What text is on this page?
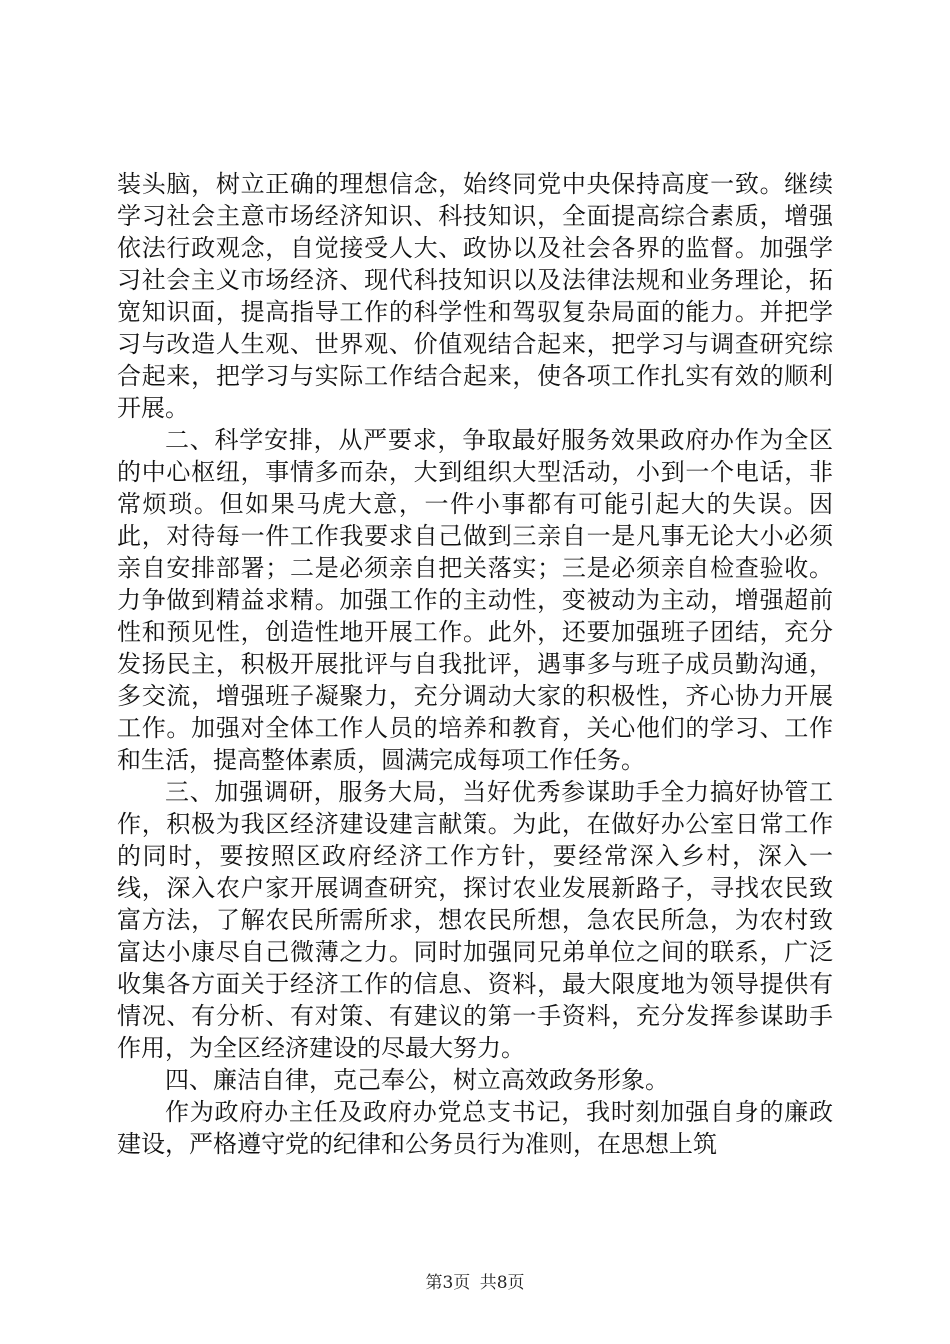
装头脑，树立正确的理想信念，始终同党中央保持高度一致。继续学习社会主意市场经济知识、科技知识，全面提高综合素质，增强依法行政观念，自觉接受人大、政协以及社会各界的监督。加强学习社会主义市场经济、现代科技知识以及法律法规和业务理论，拓宽知识面，提高指导工作的科学性和驾驭复杂局面的能力。并把学习与改造人生观、世界观、价值观结合起来，把学习与调查研究综合起来，把学习与实际工作结合起来，使各项工作扎实有效的顺利开展。

二、科学安排，从严要求，争取最好服务效果政府办作为全区的中心枢纽，事情多而杂，大到组织大型活动，小到一个电话，非常烦琐。但如果马虎大意，一件小事都有可能引起大的失误。因此，对待每一件工作我要求自己做到三亲自一是凡事无论大小必须亲自安排部署；二是必须亲自把关落实；三是必须亲自检查验收。力争做到精益求精。加强工作的主动性，变被动为主动，增强超前性和预见性，创造性地开展工作。此外，还要加强班子团结，充分发扬民主，积极开展批评与自我批评，遇事多与班子成员勤沟通，多交流，增强班子凝聚力，充分调动大家的积极性，齐心协力开展工作。加强对全体工作人员的培养和教育，关心他们的学习、工作和生活，提高整体素质，圆满完成每项工作任务。

三、加强调研，服务大局，当好优秀参谋助手全力搞好协管工作，积极为我区经济建设建言献策。为此，在做好办公室日常工作的同时，要按照区政府经济工作方针，要经常深入乡村，深入一线，深入农户家开展调查研究，探讨农业发展新路子，寻找农民致富方法，了解农民所需所求，想农民所想，急农民所急，为农村致富达小康尽自己微薄之力。同时加强同兄弟单位之间的联系，广泛收集各方面关于经济工作的信息、资料，最大限度地为领导提供有情况、有分析、有对策、有建议的第一手资料，充分发挥参谋助手作用，为全区经济建设的尽最大努力。

四、廉洁自律，克己奉公，树立高效政务形象。

作为政府办主任及政府办党总支书记，我时刻加强自身的廉政建设，严格遵守党的纪律和公务员行为准则，在思想上筑

第3页 共8页
